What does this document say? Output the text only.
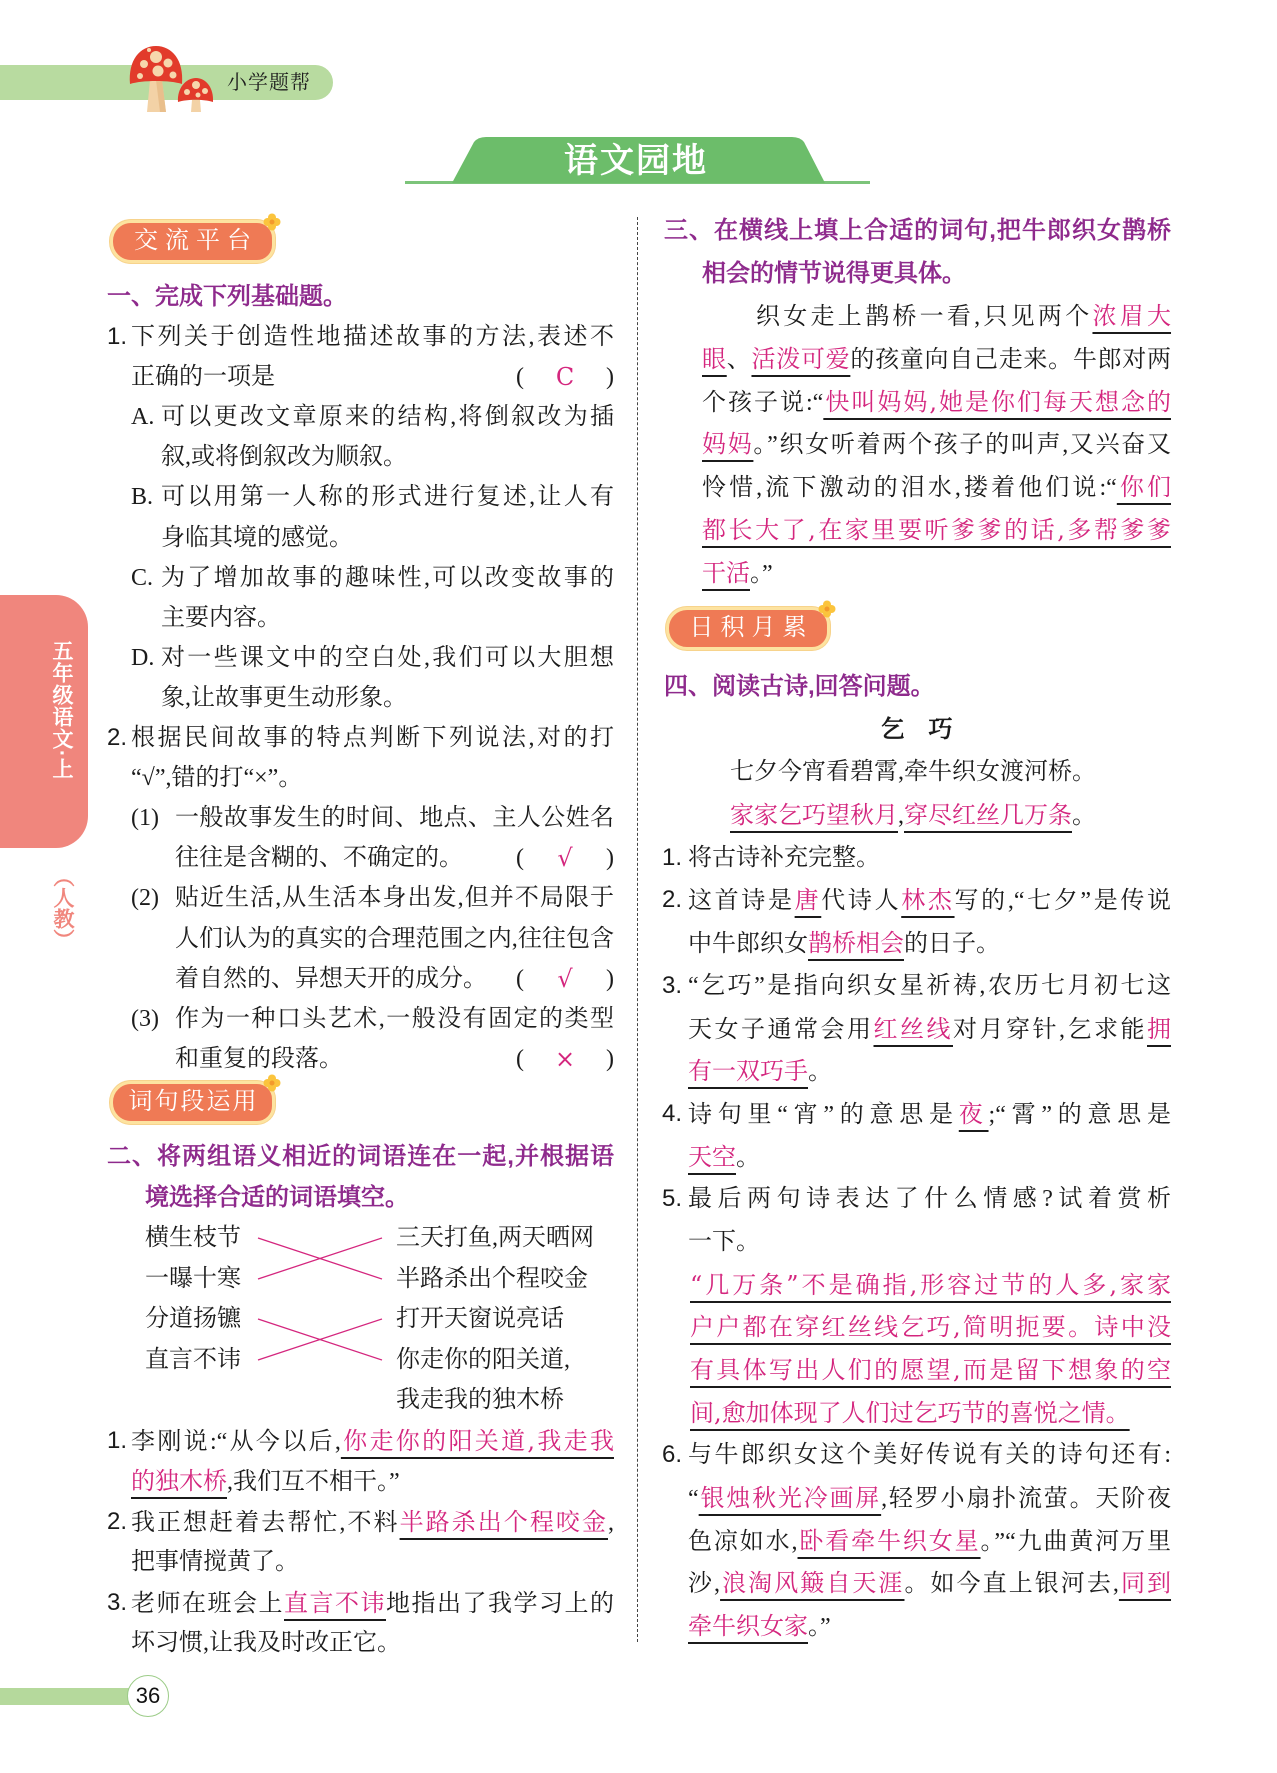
小学题帮
语文园地
五年级语文·上
（人教）
交流平台
词句段运用
日积月累
一、完成下列基础题。
1. 下列关于创造性地描述故事的方法,表述不
正确的一项是	( C )
A. 可以更改文章原来的结构,将倒叙改为插
叙,或将倒叙改为顺叙。
B. 可以用第一人称的形式进行复述,让人有
身临其境的感觉。
C. 为了增加故事的趣味性,可以改变故事的
主要内容。
D. 对一些课文中的空白处,我们可以大胆想
象,让故事更生动形象。
2. 根据民间故事的特点判断下列说法,对的打
“√”,错的打“×”。
(1) 一般故事发生的时间、地点、主人公姓名
往往是含糊的、不确定的。 ( √ )
(2) 贴近生活,从生活本身出发,但并不局限于
人们认为的真实的合理范围之内,往往包含
着自然的、异想天开的成分。 ( √ )
(3) 作为一种口头艺术,一般没有固定的类型
和重复的段落。	( × )
二、将两组语义相近的词语连在一起,并根据语
境选择合适的词语填空。
横生枝节	三天打鱼,两天晒网
一曝十寒	半路杀出个程咬金
分道扬镳	打开天窗说亮话
直言不讳	你走你的阳关道,
我走我的独木桥
1. 李刚说:“从今以后,你走你的阳关道,我走我
的独木桥,我们互不相干。”
2. 我正想赶着去帮忙,不料半路杀出个程咬金,
把事情搅黄了。
3. 老师在班会上直言不讳地指出了我学习上的
坏习惯,让我及时改正它。
三、在横线上填上合适的词句,把牛郎织女鹊桥
相会的情节说得更具体。
织女走上鹊桥一看,只见两个浓眉大
眼、活泼可爱的孩童向自己走来。牛郎对两
个孩子说:“快叫妈妈,她是你们每天想念的
妈妈。”织女听着两个孩子的叫声,又兴奋又
怜惜,流下激动的泪水,搂着他们说:“你们
都长大了,在家里要听爹爹的话,多帮爹爹
干活。”
四、阅读古诗,回答问题。
乞　巧
七夕今宵看碧霄,牵牛织女渡河桥。
家家乞巧望秋月,穿尽红丝几万条。
1. 将古诗补充完整。
2. 这首诗是唐代诗人林杰写的,“七夕”是传说
中牛郎织女鹊桥相会的日子。
3. “乞巧”是指向织女星祈祷,农历七月初七这
天女子通常会用红丝线对月穿针,乞求能拥
有一双巧手。
4. 诗句里“宵”的意思是夜;“霄”的意思是
天空。
5. 最后两句诗表达了什么情感?试着赏析
一下。
“几万条”不是确指,形容过节的人多,家家
户户都在穿红丝线乞巧,简明扼要。诗中没
有具体写出人们的愿望,而是留下想象的空
间,愈加体现了人们过乞巧节的喜悦之情。
6. 与牛郎织女这个美好传说有关的诗句还有:
“银烛秋光冷画屏,轻罗小扇扑流萤。天阶夜
色凉如水,卧看牵牛织女星。”“九曲黄河万里
沙,浪淘风簸自天涯。如今直上银河去,同到
牵牛织女家。”
36
